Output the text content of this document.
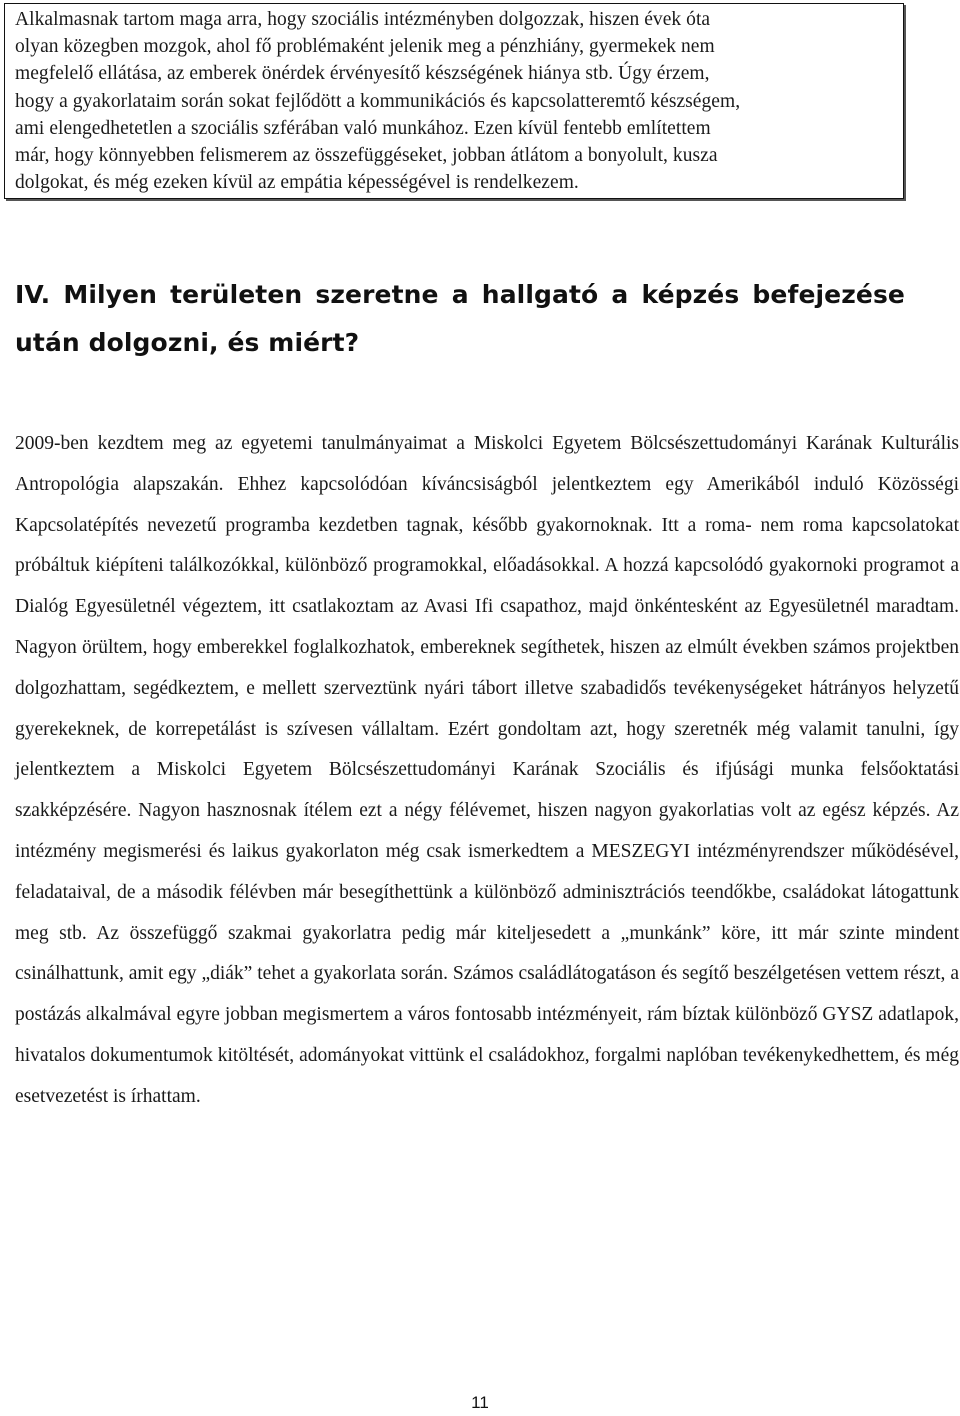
Alkalmasnak tartom maga arra, hogy szociális intézményben dolgozzak, hiszen évek óta

olyan közegben mozgok, ahol fő problémaként jelenik meg a pénzhiány, gyermekek nem

megfelelő ellátása, az emberek önérdek érvényesítő készségének hiánya stb. Úgy érzem,

hogy a gyakorlataim során sokat fejlődött a kommunikációs és kapcsolatteremtő készségem,

ami elengedhetetlen a szociális szférában való munkához. Ezen kívül fentebb említettem

már, hogy könnyebben felismerem az összefüggéseket, jobban átlátom a bonyolult, kusza

dolgokat, és még ezeken kívül az empátia képességével is rendelkezem.

IV. Milyen területen szeretne a hallgató a képzés befejezése után dolgozni, és miért?

2009-ben kezdtem meg az egyetemi tanulmányaimat a Miskolci Egyetem Bölcsészettudományi Karának Kulturális Antropológia alapszakán. Ehhez kapcsolódóan kíváncsiságból jelentkeztem egy Amerikából induló Közösségi Kapcsolatépítés nevezetű programba kezdetben tagnak, később gyakornoknak. Itt a roma- nem roma kapcsolatokat próbáltuk kiépíteni találkozókkal, különböző programokkal, előadásokkal. A hozzá kapcsolódó gyakornoki programot a Dialóg Egyesületnél végeztem, itt csatlakoztam az Avasi Ifi csapathoz, majd önkéntesként az Egyesületnél maradtam. Nagyon örültem, hogy emberekkel foglalkozhatok, embereknek segíthetek, hiszen az elmúlt években számos projektben dolgozhattam, segédkeztem, e mellett szerveztünk nyári tábort illetve szabadidős tevékenységeket hátrányos helyzetű gyerekeknek, de korrepetálást is szívesen vállaltam. Ezért gondoltam azt, hogy szeretnék még valamit tanulni, így jelentkeztem a Miskolci Egyetem Bölcsészettudományi Karának Szociális és ifjúsági munka felsőoktatási szakképzésére. Nagyon hasznosnak ítélem ezt a négy félévemet, hiszen nagyon gyakorlatias volt az egész képzés. Az intézmény megismerési és laikus gyakorlaton még csak ismerkedtem a MESZEGYI intézményrendszer működésével, feladataival, de a második félévben már besegíthettünk a különböző adminisztrációs teendőkbe, családokat látogattunk meg stb. Az összefüggő szakmai gyakorlatra pedig már kiteljesedett a „munkánk” köre, itt már szinte mindent csinálhattunk, amit egy „diák” tehet a gyakorlata során. Számos családlátogatáson és segítő beszélgetésen vettem részt, a postázás alkalmával egyre jobban megismertem a város fontosabb intézményeit, rám bíztak különböző GYSZ adatlapok, hivatalos dokumentumok kitöltését, adományokat vittünk el családokhoz, forgalmi naplóban tevékenykedhettem, és még esetvezetést is írhattam.

11
